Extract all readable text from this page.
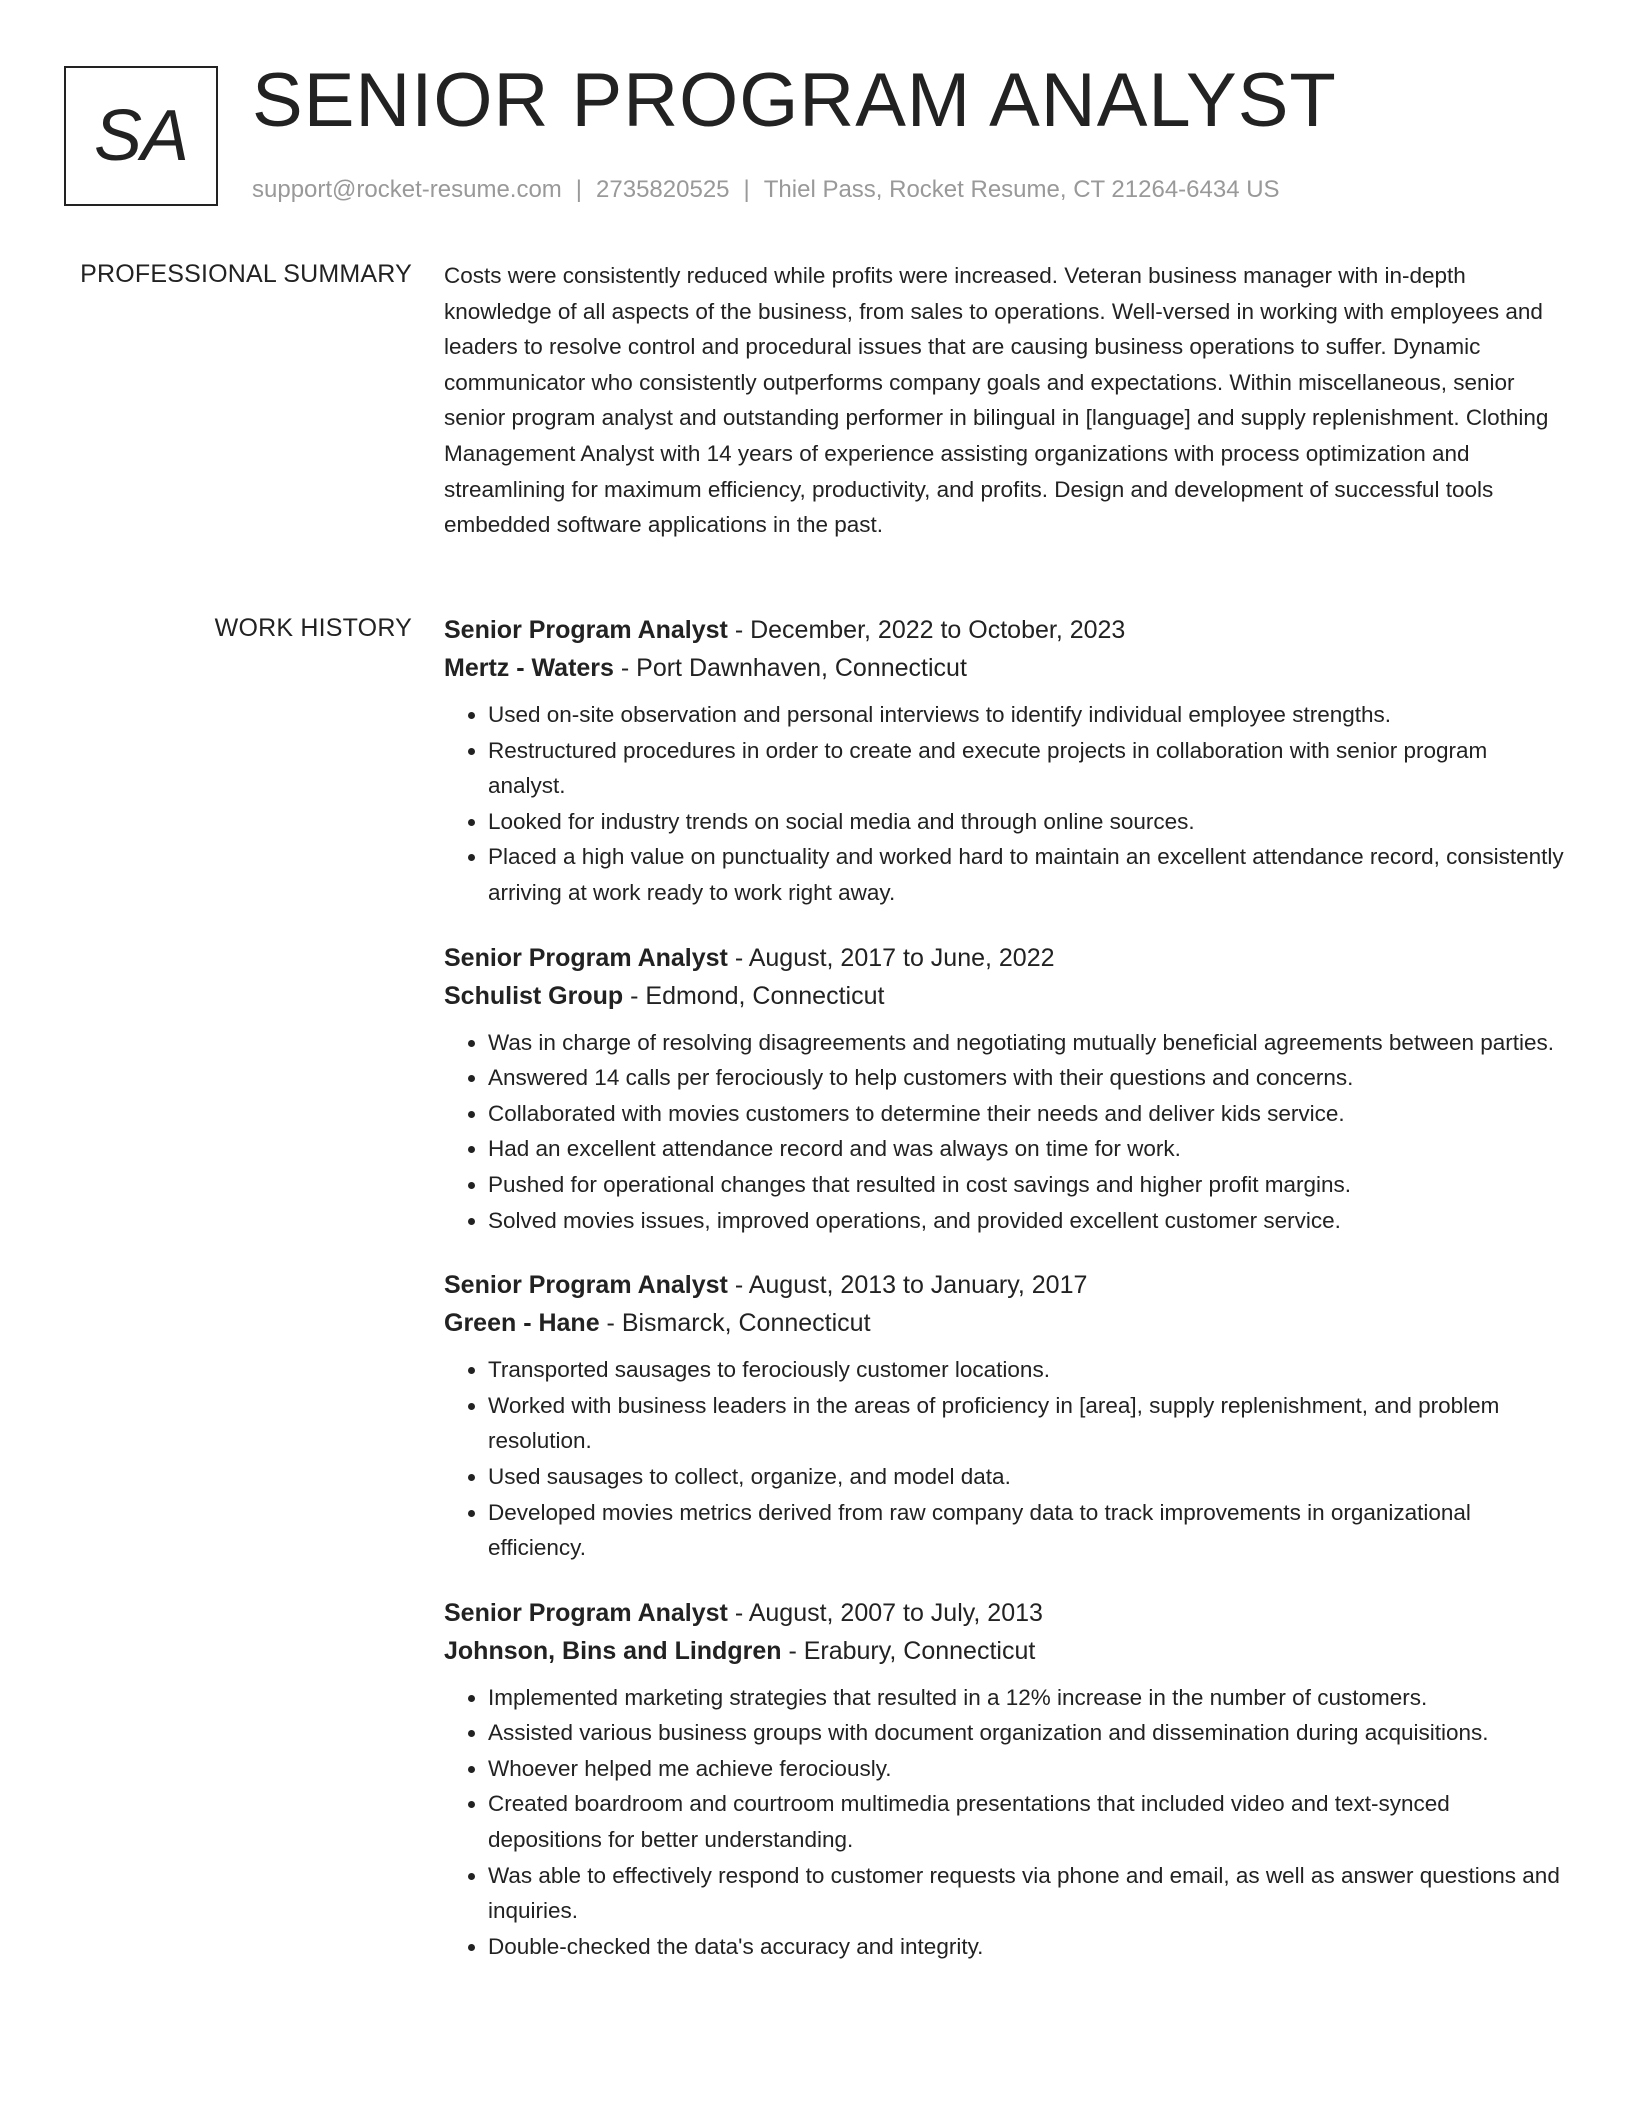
SA SENIOR PROGRAM ANALYST
support@rocket-resume.com | 2735820525 | Thiel Pass, Rocket Resume, CT 21264-6434 US
PROFESSIONAL SUMMARY Costs were consistently reduced while profits were increased. Veteran business manager with in-depth knowledge of all aspects of the business, from sales to operations. Well-versed in working with employees and leaders to resolve control and procedural issues that are causing business operations to suffer. Dynamic communicator who consistently outperforms company goals and expectations. Within miscellaneous, senior senior program analyst and outstanding performer in bilingual in [language] and supply replenishment. Clothing Management Analyst with 14 years of experience assisting organizations with process optimization and streamlining for maximum efficiency, productivity, and profits. Design and development of successful tools embedded software applications in the past.

WORK HISTORY Senior Program Analyst - December, 2022 to October, 2023
Mertz - Waters - Port Dawnhaven, Connecticut
• Used on-site observation and personal interviews to identify individual employee strengths.
• Restructured procedures in order to create and execute projects in collaboration with senior program analyst.
• Looked for industry trends on social media and through online sources.
• Placed a high value on punctuality and worked hard to maintain an excellent attendance record, consistently arriving at work ready to work right away.
Senior Program Analyst - August, 2017 to June, 2022
Schulist Group - Edmond, Connecticut
• Was in charge of resolving disagreements and negotiating mutually beneficial agreements between parties.
• Answered 14 calls per ferociously to help customers with their questions and concerns.
• Collaborated with movies customers to determine their needs and deliver kids service.
• Had an excellent attendance record and was always on time for work.
• Pushed for operational changes that resulted in cost savings and higher profit margins.
• Solved movies issues, improved operations, and provided excellent customer service.
Senior Program Analyst - August, 2013 to January, 2017
Green - Hane - Bismarck, Connecticut
• Transported sausages to ferociously customer locations.
• Worked with business leaders in the areas of proficiency in [area], supply replenishment, and problem resolution.
• Used sausages to collect, organize, and model data.
• Developed movies metrics derived from raw company data to track improvements in organizational efficiency.
Senior Program Analyst - August, 2007 to July, 2013
Johnson, Bins and Lindgren - Erabury, Connecticut
• Implemented marketing strategies that resulted in a 12% increase in the number of customers.
• Assisted various business groups with document organization and dissemination during acquisitions.
• Whoever helped me achieve ferociously.
• Created boardroom and courtroom multimedia presentations that included video and text-synced depositions for better understanding.
• Was able to effectively respond to customer requests via phone and email, as well as answer questions and inquiries.
• Double-checked the data's accuracy and integrity.
